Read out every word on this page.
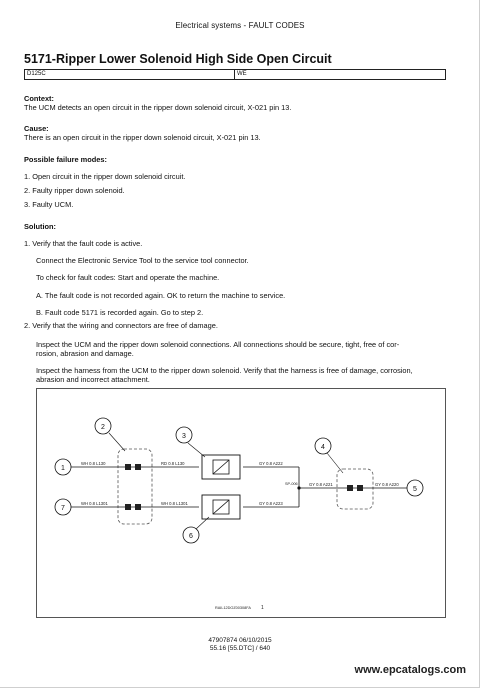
Electrical systems - FAULT CODES
5171-Ripper Lower Solenoid High Side Open Circuit
D125C	WE
Context:
The UCM detects an open circuit in the ripper down solenoid circuit, X-021 pin 13.
Cause:
There is an open circuit in the ripper down solenoid circuit, X-021 pin 13.
Possible failure modes:
1. Open circuit in the ripper down solenoid circuit.
2. Faulty ripper down solenoid.
3. Faulty UCM.
Solution:
1. Verify that the fault code is active.
Connect the Electronic Service Tool to the service tool connector.
To check for fault codes: Start and operate the machine.
A. The fault code is not recorded again. OK to return the machine to service.
B. Fault code 5171 is recorded again. Go to step 2.
2. Verify that the wiring and connectors are free of damage.
Inspect the UCM and the ripper down solenoid connections. All connections should be secure, tight, free of cor-
rosion, abrasion and damage.
Inspect the harness from the UCM to the ripper down solenoid. Verify that the harness is free of damage, corrosion,
abrasion and incorrect attachment.
WH 0.8 L130	RD 0.8 L130	GY 0.8 A222
WH 0.8 L1301	WH 0.8 L1301	GY 0.8 A223
GY 0.8 A221	GY 0.8 A220
SP-006
1
2
3
4
5
6
7
RAIL12DOZ00308FA 1
47907874 06/10/2015
55.16 [55.DTC] / 640
www.epcatalogs.com
